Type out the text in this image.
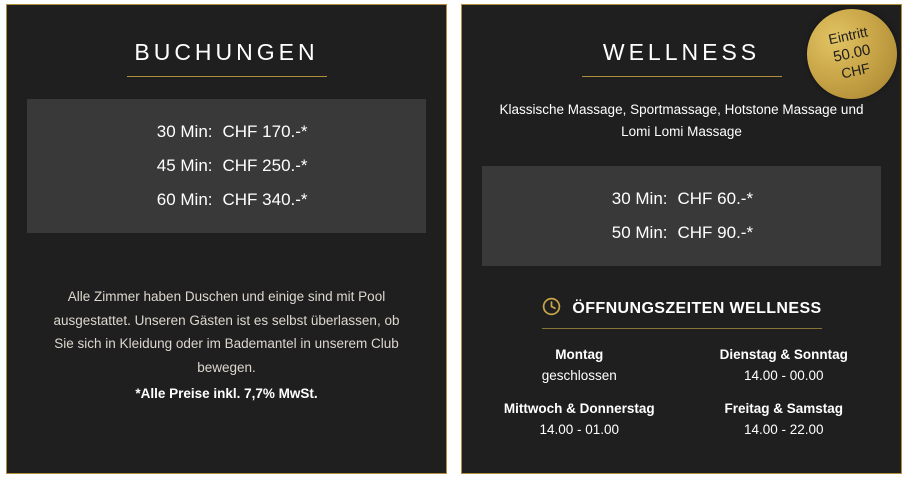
BUCHUNGEN
30 Min: CHF 170.-*
45 Min: CHF 250.-*
60 Min: CHF 340.-*

Alle Zimmer haben Duschen und einige sind mit Pool ausgestattet. Unseren Gästen ist es selbst überlassen, ob Sie sich in Kleidung oder im Bademantel in unserem Club bewegen.
*Alle Preise inkl. 7,7% MwSt.

Eintritt
50.00
CHF
WELLNESS

Klassische Massage, Sportmassage, Hotstone Massage und Lomi Lomi Massage

30 Min: CHF 60.-*
50 Min: CHF 90.-*
ÖFFNUNGSZEITEN WELLNESS
Montag
geschlossen
Dienstag & Sonntag
14.00 - 00.00
Mittwoch & Donnerstag
14.00 - 01.00
Freitag & Samstag
14.00 - 22.00
